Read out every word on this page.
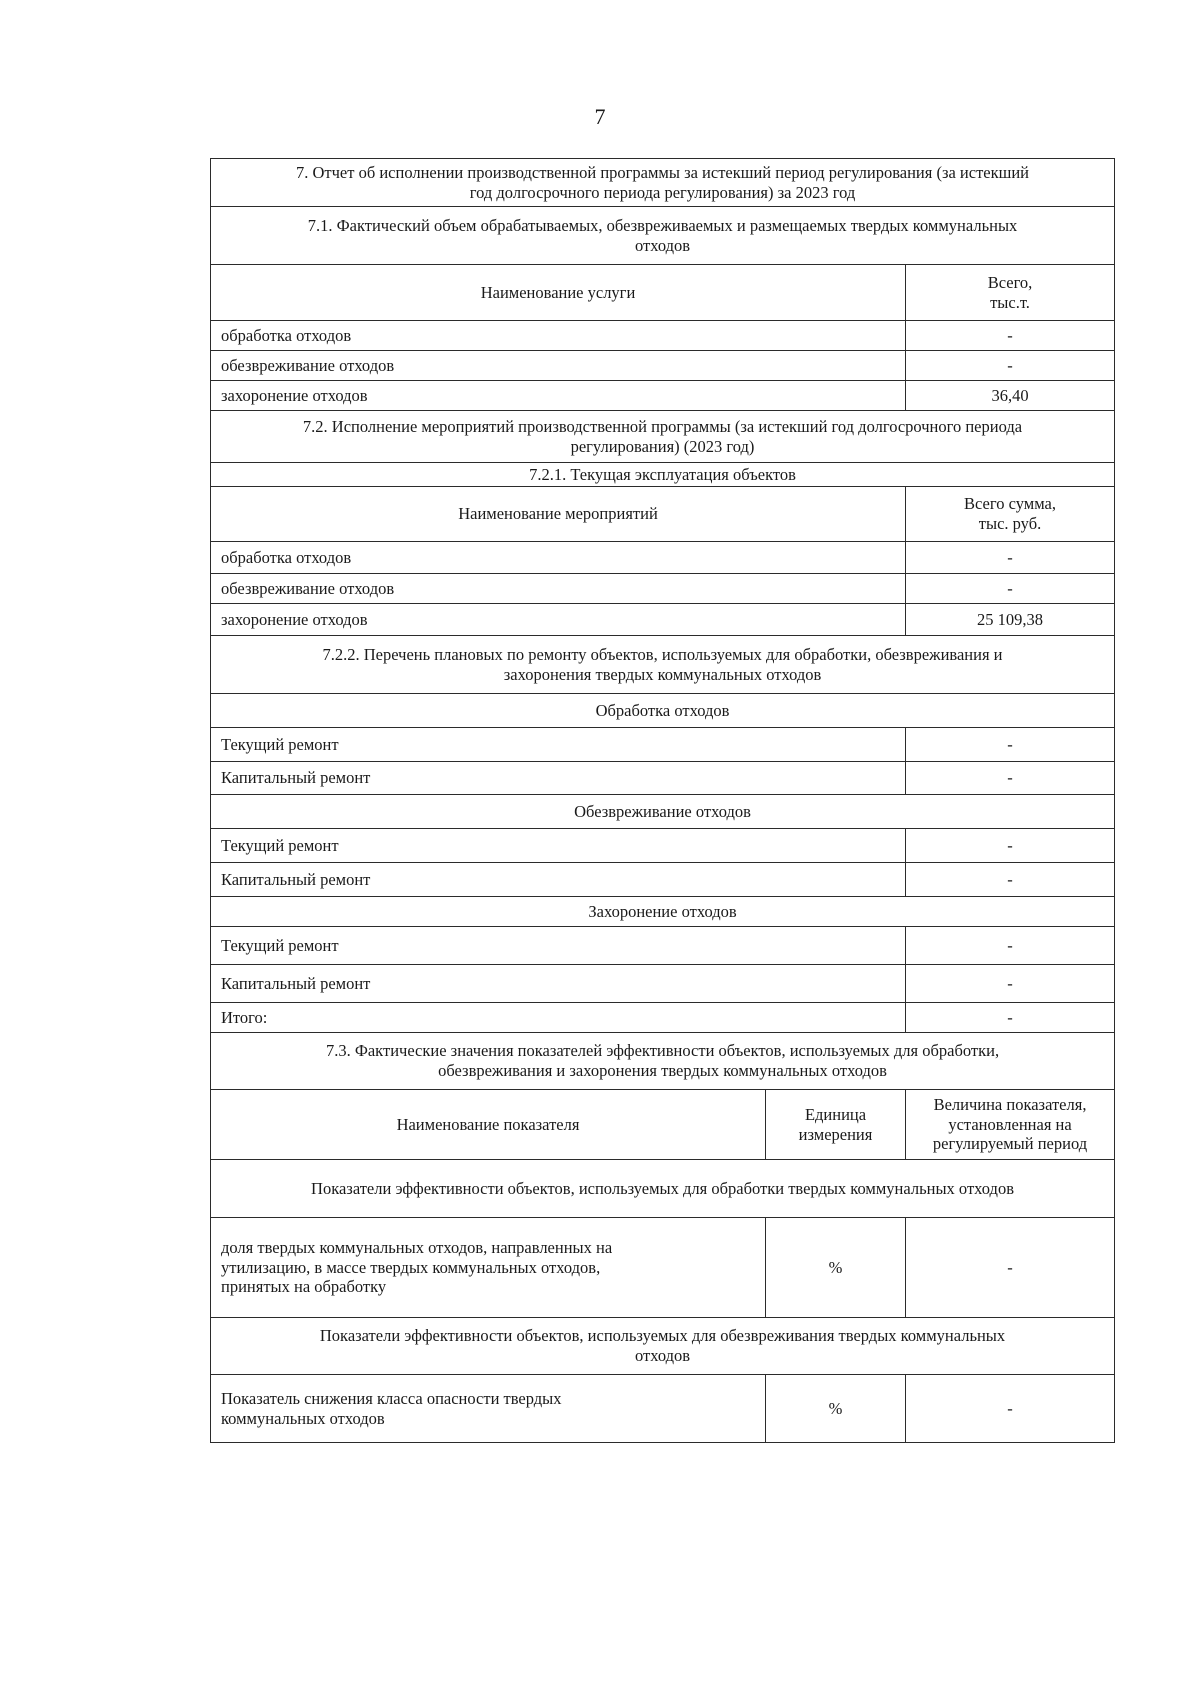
7
7. Отчет об исполнении производственной программы за истекший период регулирования (за истекший
год долгосрочного периода регулирования) за 2023 год		
7.1. Фактический объем обрабатываемых, обезвреживаемых и размещаемых твердых коммунальных
отходов		
Наименование услуги		Всего,
тыс.т.
обработка отходов		-
обезвреживание отходов		-
захоронение отходов		36,40
7.2. Исполнение мероприятий производственной программы (за истекший год долгосрочного периода
регулирования) (2023 год)		
7.2.1. Текущая эксплуатация объектов		
Наименование мероприятий		Всего сумма,
тыс. руб.
обработка отходов		-
обезвреживание отходов		-
захоронение отходов		25 109,38
7.2.2. Перечень плановых по ремонту объектов, используемых для обработки, обезвреживания и
захоронения твердых коммунальных отходов		
Обработка отходов		
Текущий ремонт		-
Капитальный ремонт		-
Обезвреживание отходов		
Текущий ремонт		-
Капитальный ремонт		-
Захоронение отходов		
Текущий ремонт		-
Капитальный ремонт		-
Итого:		-
7.3. Фактические значения показателей эффективности объектов, используемых для обработки,
обезвреживания и захоронения твердых коммунальных отходов		
Наименование показателя	Единица
измерения	Величина показателя,
установленная на
регулируемый период
Показатели эффективности объектов, используемых для обработки твердых коммунальных отходов		
доля твердых коммунальных отходов, направленных на
утилизацию, в массе твердых коммунальных отходов,
принятых на обработку	%	-
Показатели эффективности объектов, используемых для обезвреживания твердых коммунальных
отходов		
Показатель снижения класса опасности твердых
коммунальных отходов	%	-
